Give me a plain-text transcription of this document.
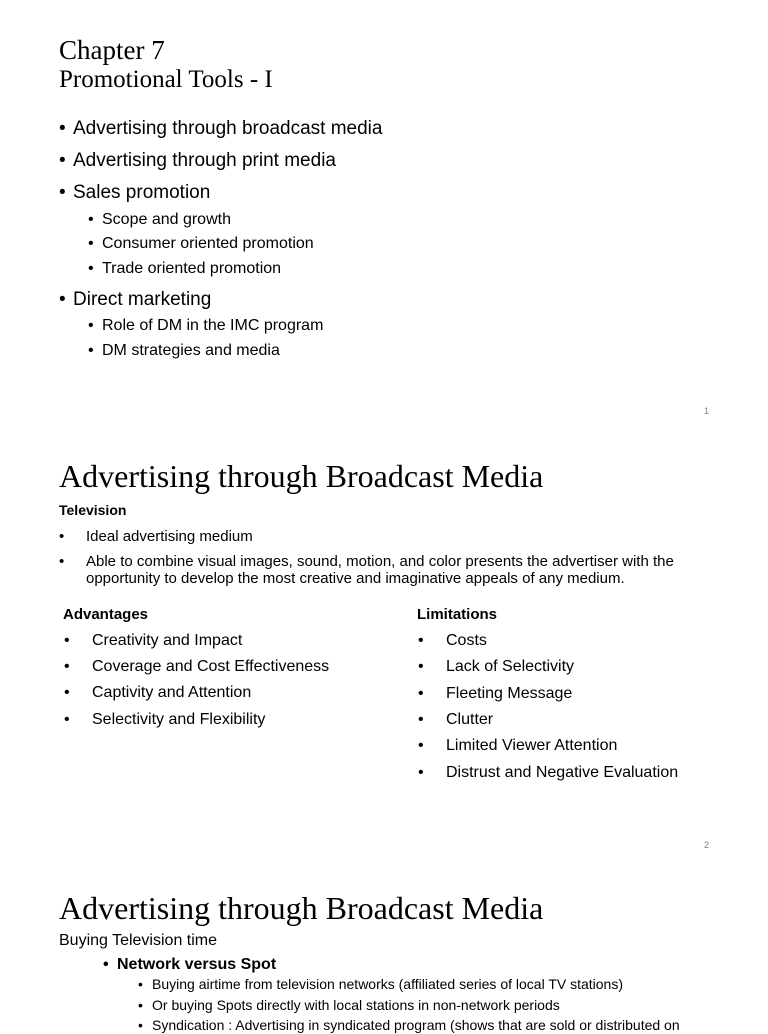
Chapter 7
Promotional Tools - I
• Advertising through broadcast media
• Advertising through print media
• Sales promotion
• Scope and growth
• Consumer oriented promotion
• Trade oriented promotion
• Direct marketing
• Role of DM in the IMC program
• DM strategies and media
1
Advertising through Broadcast Media
Television
• Ideal advertising medium
• Able to combine visual images, sound, motion, and color presents the advertiser with the opportunity to develop the most creative and imaginative appeals of any medium.
Advantages
• Creativity and Impact
• Coverage and Cost Effectiveness
• Captivity and Attention
• Selectivity and Flexibility
Limitations
• Costs
• Lack of Selectivity
• Fleeting Message
• Clutter
• Limited Viewer Attention
• Distrust and Negative Evaluation
2
Advertising through Broadcast Media
Buying Television time
• Network versus Spot
• Buying airtime from television networks (affiliated series of local TV stations)
• Or buying Spots directly with local stations in non-network periods
• Syndication : Advertising in syndicated program (shows that are sold or distributed on
